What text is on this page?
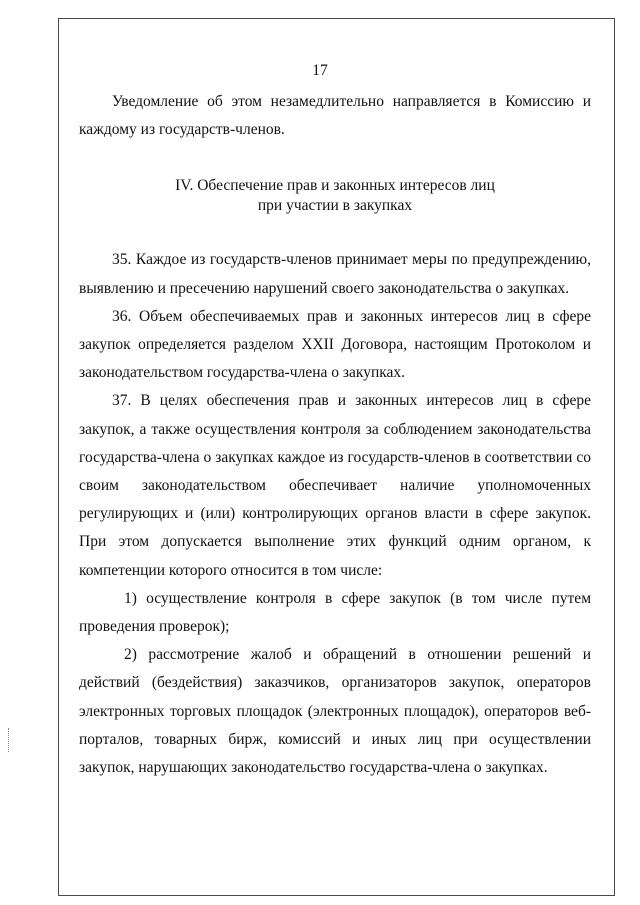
17

Уведомление об этом незамедлительно направляется в Комиссию и каждому из государств-членов.

IV. Обеспечение прав и законных интересов лиц
при участии в закупках

35. Каждое из государств-членов принимает меры по предупреждению, выявлению и пресечению нарушений своего законодательства о закупках.

36. Объем обеспечиваемых прав и законных интересов лиц в сфере закупок определяется разделом XXII Договора, настоящим Протоколом и законодательством государства-члена о закупках.

37. В целях обеспечения прав и законных интересов лиц в сфере закупок, а также осуществления контроля за соблюдением законодательства государства-члена о закупках каждое из государств-членов в соответствии со своим законодательством обеспечивает наличие уполномоченных регулирующих и (или) контролирующих органов власти в сфере закупок. При этом допускается выполнение этих функций одним органом, к компетенции которого относится в том числе:

1) осуществление контроля в сфере закупок (в том числе путем проведения проверок);

2) рассмотрение жалоб и обращений в отношении решений и действий (бездействия) заказчиков, организаторов закупок, операторов электронных торговых площадок (электронных площадок), операторов веб-порталов, товарных бирж, комиссий и иных лиц при осуществлении закупок, нарушающих законодательство государства-члена о закупках.
